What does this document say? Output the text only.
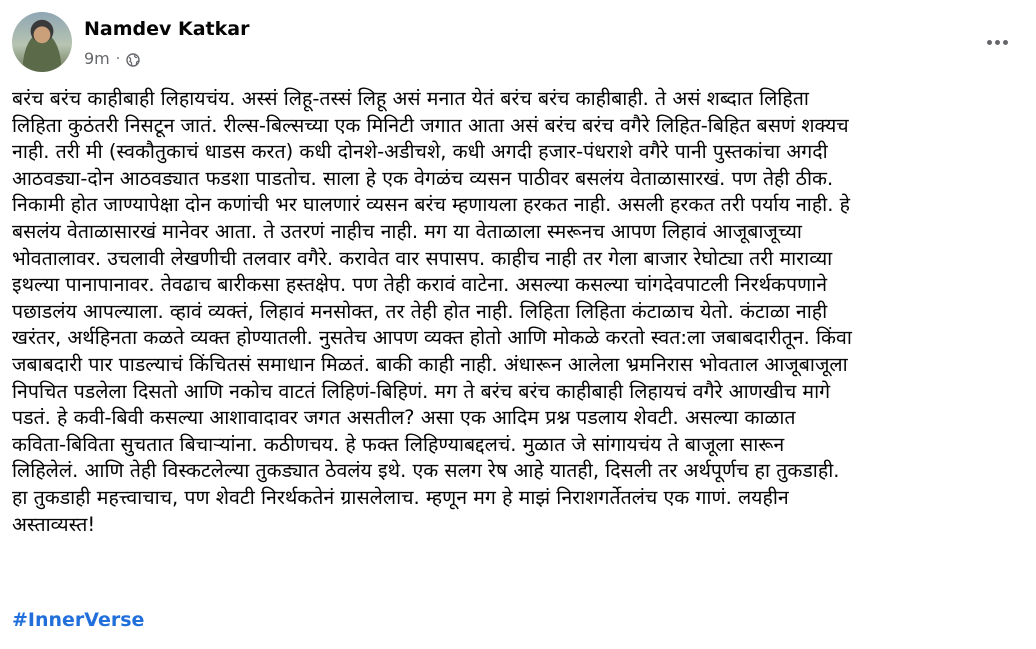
Namdev Katkar
9m ·
बरंच बरंच काहीबाही लिहायचंय. अस्सं लिहू-तस्सं लिहू असं मनात येतं बरंच बरंच काहीबाही. ते असं शब्दात लिहिता
लिहिता कुठंतरी निसटून जातं. रील्स-बिल्सच्या एक मिनिटी जगात आता असं बरंच बरंच वगैरे लिहित-बिहित बसणं शक्यच
नाही. तरी मी (स्वकौतुकाचं धाडस करत) कधी दोनशे-अडीचशे, कधी अगदी हजार-पंधराशे वगैरे पानी पुस्तकांचा अगदी
आठवड्या-दोन आठवड्यात फडशा पाडतोच. साला हे एक वेगळंच व्यसन पाठीवर बसलंय वेताळासारखं. पण तेही ठीक.
निकामी होत जाण्यापेक्षा दोन कणांची भर घालणारं व्यसन बरंच म्हणायला हरकत नाही. असली हरकत तरी पर्याय नाही. हे
बसलंय वेताळासारखं मानेवर आता. ते उतरणं नाहीच नाही. मग या वेताळाला स्मरूनच आपण लिहावं आजूबाजूच्या
भोवतालावर. उचलावी लेखणीची तलवार वगैरे. करावेत वार सपासप. काहीच नाही तर गेला बाजार रेघोट्या तरी माराव्या
इथल्या पानापानावर. तेवढाच बारीकसा हस्तक्षेप. पण तेही करावं वाटेना. असल्या कसल्या चांगदेवपाटली निरर्थकपणाने
पछाडलंय आपल्याला. व्हावं व्यक्तं, लिहावं मनसोक्त, तर तेही होत नाही. लिहिता लिहिता कंटाळाच येतो. कंटाळा नाही
खरंतर, अर्थहिनता कळते व्यक्त होण्यातली. नुसतेच आपण व्यक्त होतो आणि मोकळे करतो स्वत:ला जबाबदारीतून. किंवा
जबाबदारी पार पाडल्याचं किंचितसं समाधान मिळतं. बाकी काही नाही. अंधारून आलेला भ्रमनिरास भोवताल आजूबाजूला
निपचित पडलेला दिसतो आणि नकोच वाटतं लिहिणं-बिहिणं. मग ते बरंच बरंच काहीबाही लिहायचं वगैरे आणखीच मागे
पडतं. हे कवी-बिवी कसल्या आशावादावर जगत असतील? असा एक आदिम प्रश्न पडलाय शेवटी. असल्या काळात
कविता-बिविता सुचतात बिचाऱ्यांना. कठीणचय. हे फक्त लिहिण्याबद्दलचं. मुळात जे सांगायचंय ते बाजूला सारून
लिहिलेलं. आणि तेही विस्कटलेल्या तुकड्यात ठेवलंय इथे. एक सलग रेष आहे यातही, दिसली तर अर्थपूर्णच हा तुकडाही.
हा तुकडाही महत्त्वाचाच, पण शेवटी निरर्थकतेनं ग्रासलेलाच. म्हणून मग हे माझं निराशगर्तेतलंच एक गाणं. लयहीन
अस्ताव्यस्त!
#InnerVerse
